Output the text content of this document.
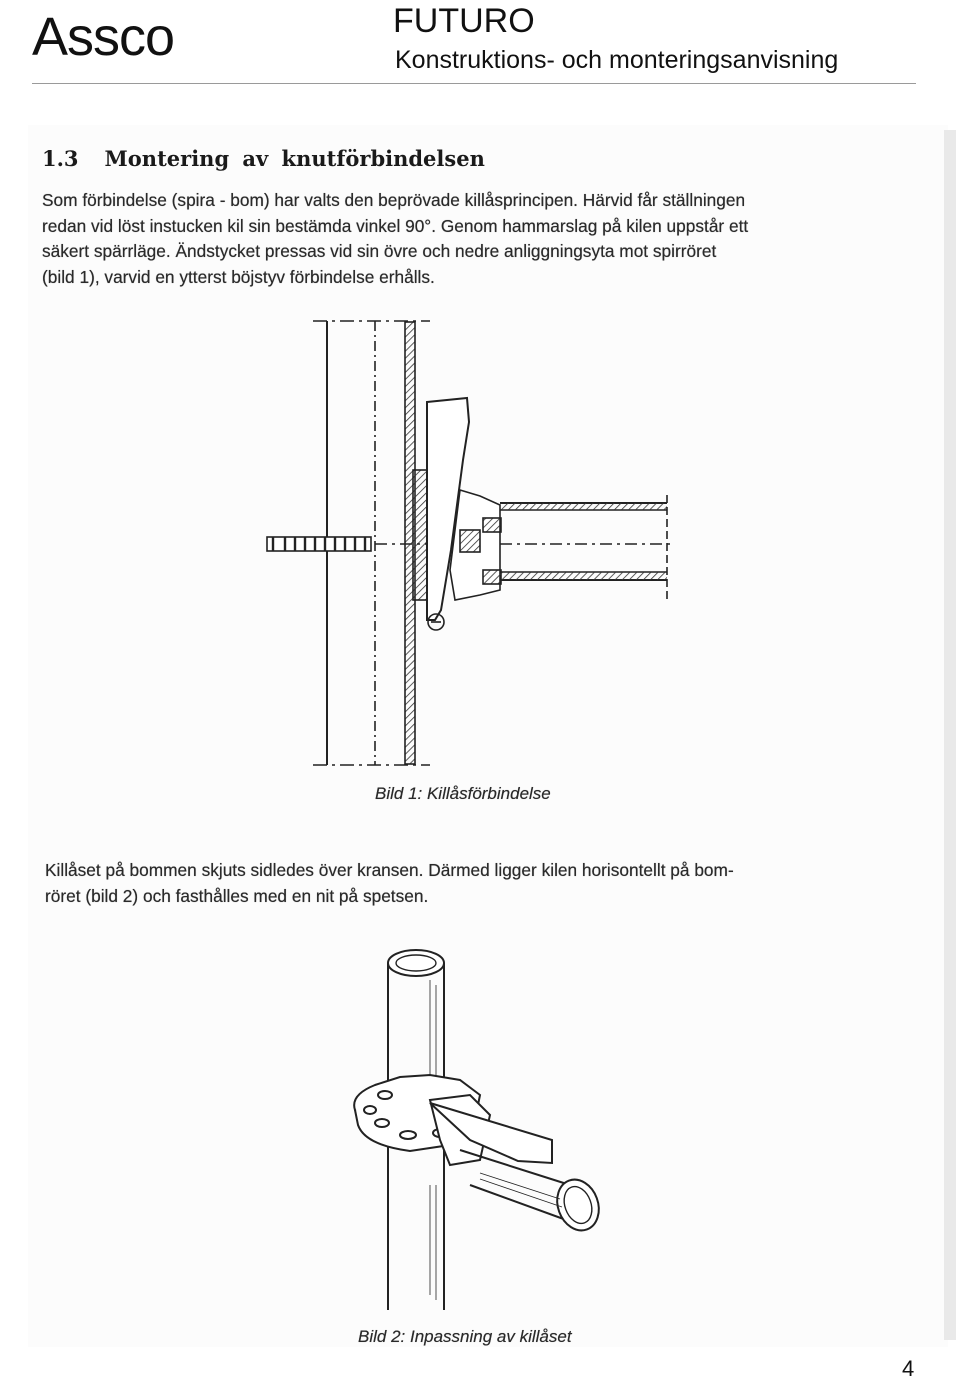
Assco	FUTURO
Konstruktions- och monteringsanvisning
1.3 Montering av knutförbindelsen
Som förbindelse (spira - bom) har valts den beprövade killåsprincipen. Härvid får ställningen
redan vid löst instucken kil sin bestämda vinkel 90°. Genom hammarslag på kilen uppstår ett
säkert spärrläge. Ändstycket pressas vid sin övre och nedre anliggningsyta mot spirröret
(bild 1), varvid en ytterst böjstyv förbindelse erhålls.
Bild 1: Killåsförbindelse
Killåset på bommen skjuts sidledes över kransen. Därmed ligger kilen horisontellt på bom-
röret (bild 2) och fasthålles med en nit på spetsen.
Bild 2: Inpassning av killåset
4
